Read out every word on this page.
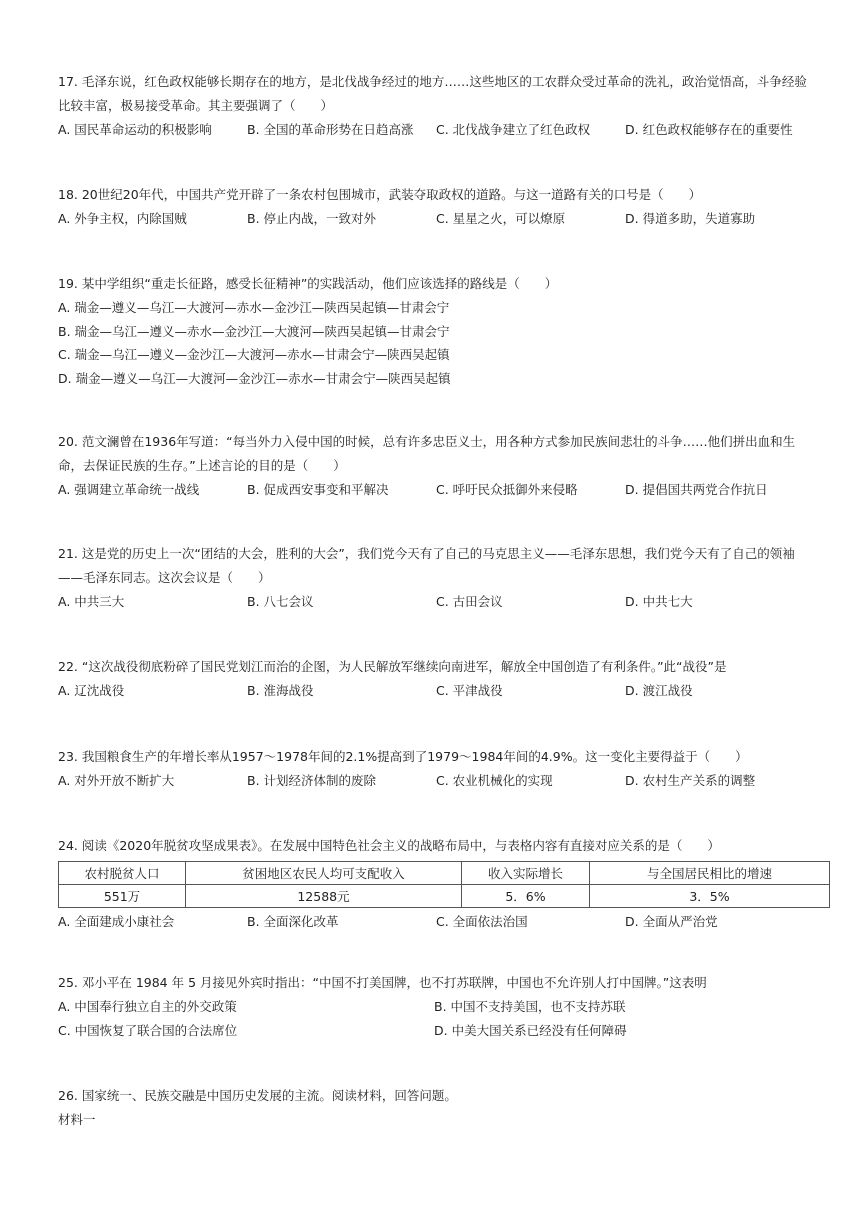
17. 毛泽东说，红色政权能够长期存在的地方，是北伐战争经过的地方……这些地区的工农群众受过革命的洗礼，政治觉悟高，斗争经验比较丰富，极易接受革命。其主要强调了（　　）

A. 国民革命运动的积极影响	B. 全国的革命形势在日趋高涨	C. 北伐战争建立了红色政权	D. 红色政权能够存在的重要性

18. 20世纪20年代，中国共产党开辟了一条农村包围城市，武装夺取政权的道路。与这一道路有关的口号是（　　）

A. 外争主权，内除国贼	B. 停止内战，一致对外	C. 星星之火，可以燎原	D. 得道多助，失道寡助

19. 某中学组织“重走长征路，感受长征精神”的实践活动，他们应该选择的路线是（　　）

A. 瑞金—遵义—乌江—大渡河—赤水—金沙江—陕西吴起镇—甘肃会宁
B. 瑞金—乌江—遵义—赤水—金沙江—大渡河—陕西吴起镇—甘肃会宁
C. 瑞金—乌江—遵义—金沙江—大渡河—赤水—甘肃会宁—陕西吴起镇
D. 瑞金—遵义—乌江—大渡河—金沙江—赤水—甘肃会宁—陕西吴起镇

20. 范文澜曾在1936年写道：“每当外力入侵中国的时候，总有许多忠臣义士，用各种方式参加民族间悲壮的斗争……他们拼出血和生命，去保证民族的生存。”上述言论的目的是（　　）

A. 强调建立革命统一战线	B. 促成西安事变和平解决	C. 呼吁民众抵御外来侵略	D. 提倡国共两党合作抗日

21. 这是党的历史上一次“团结的大会，胜利的大会”，我们党今天有了自己的马克思主义——毛泽东思想，我们党今天有了自己的领袖——毛泽东同志。这次会议是（　　）

A. 中共三大	B. 八七会议	C. 古田会议	D. 中共七大

22. “这次战役彻底粉碎了国民党划江而治的企图，为人民解放军继续向南进军，解放全中国创造了有利条件。”此“战役”是

A. 辽沈战役	B. 淮海战役	C. 平津战役	D. 渡江战役

23. 我国粮食生产的年增长率从1957～1978年间的2.1%提高到了1979～1984年间的4.9%。这一变化主要得益于（　　）

A. 对外开放不断扩大	B. 计划经济体制的废除	C. 农业机械化的实现	D. 农村生产关系的调整

24. 阅读《2020年脱贫攻坚成果表》。在发展中国特色社会主义的战略布局中，与表格内容有直接对应关系的是（　　）

农村脱贫人口	贫困地区农民人均可支配收入	收入实际增长	与全国居民相比的增速
551万	12588元	5．6%	3．5%
A. 全面建成小康社会	B. 全面深化改革	C. 全面依法治国	D. 全面从严治党

25. 邓小平在 1984 年 5 月接见外宾时指出：“中国不打美国牌，也不打苏联牌，中国也不允许别人打中国牌。”这表明

A. 中国奉行独立自主的外交政策	B. 中国不支持美国，也不支持苏联
C. 中国恢复了联合国的合法席位	D. 中美大国关系已经没有任何障碍

26. 国家统一、民族交融是中国历史发展的主流。阅读材料，回答问题。

材料一
